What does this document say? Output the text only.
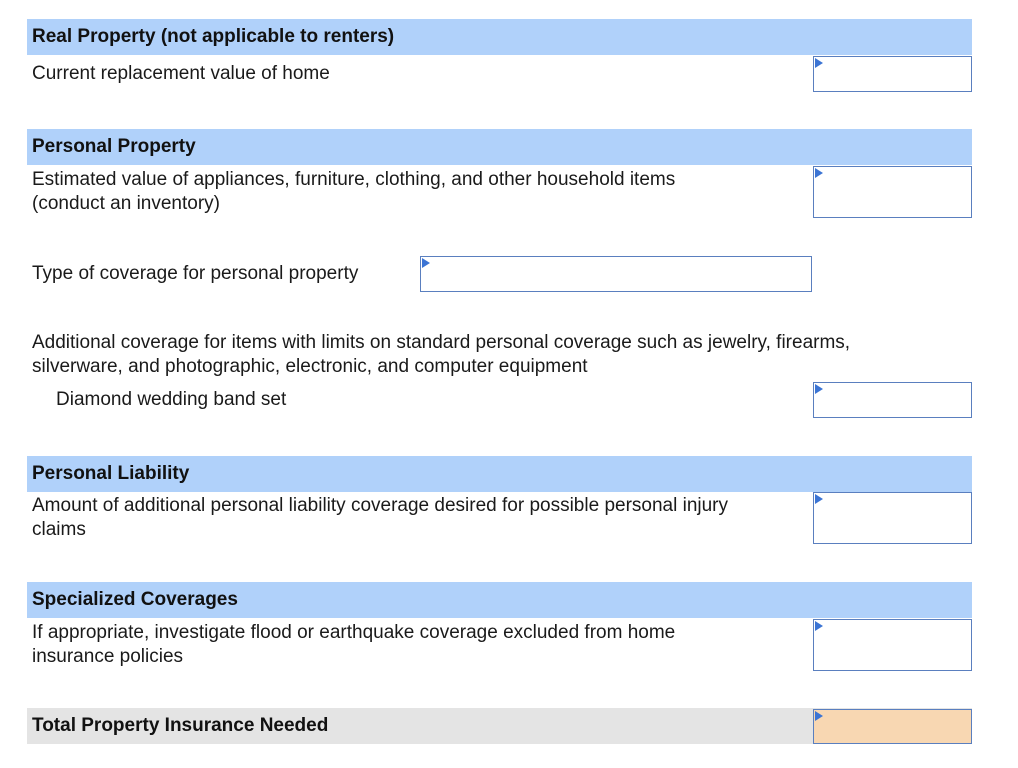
Real Property (not applicable to renters)
Current replacement value of home
Personal Property
Estimated value of appliances, furniture, clothing, and other household items
(conduct an inventory)
Type of coverage for personal property
Additional coverage for items with limits on standard personal coverage such as jewelry, firearms,
silverware, and photographic, electronic, and computer equipment
Diamond wedding band set
Personal Liability
Amount of additional personal liability coverage desired for possible personal injury
claims
Specialized Coverages
If appropriate, investigate flood or earthquake coverage excluded from home
insurance policies
Total Property Insurance Needed
